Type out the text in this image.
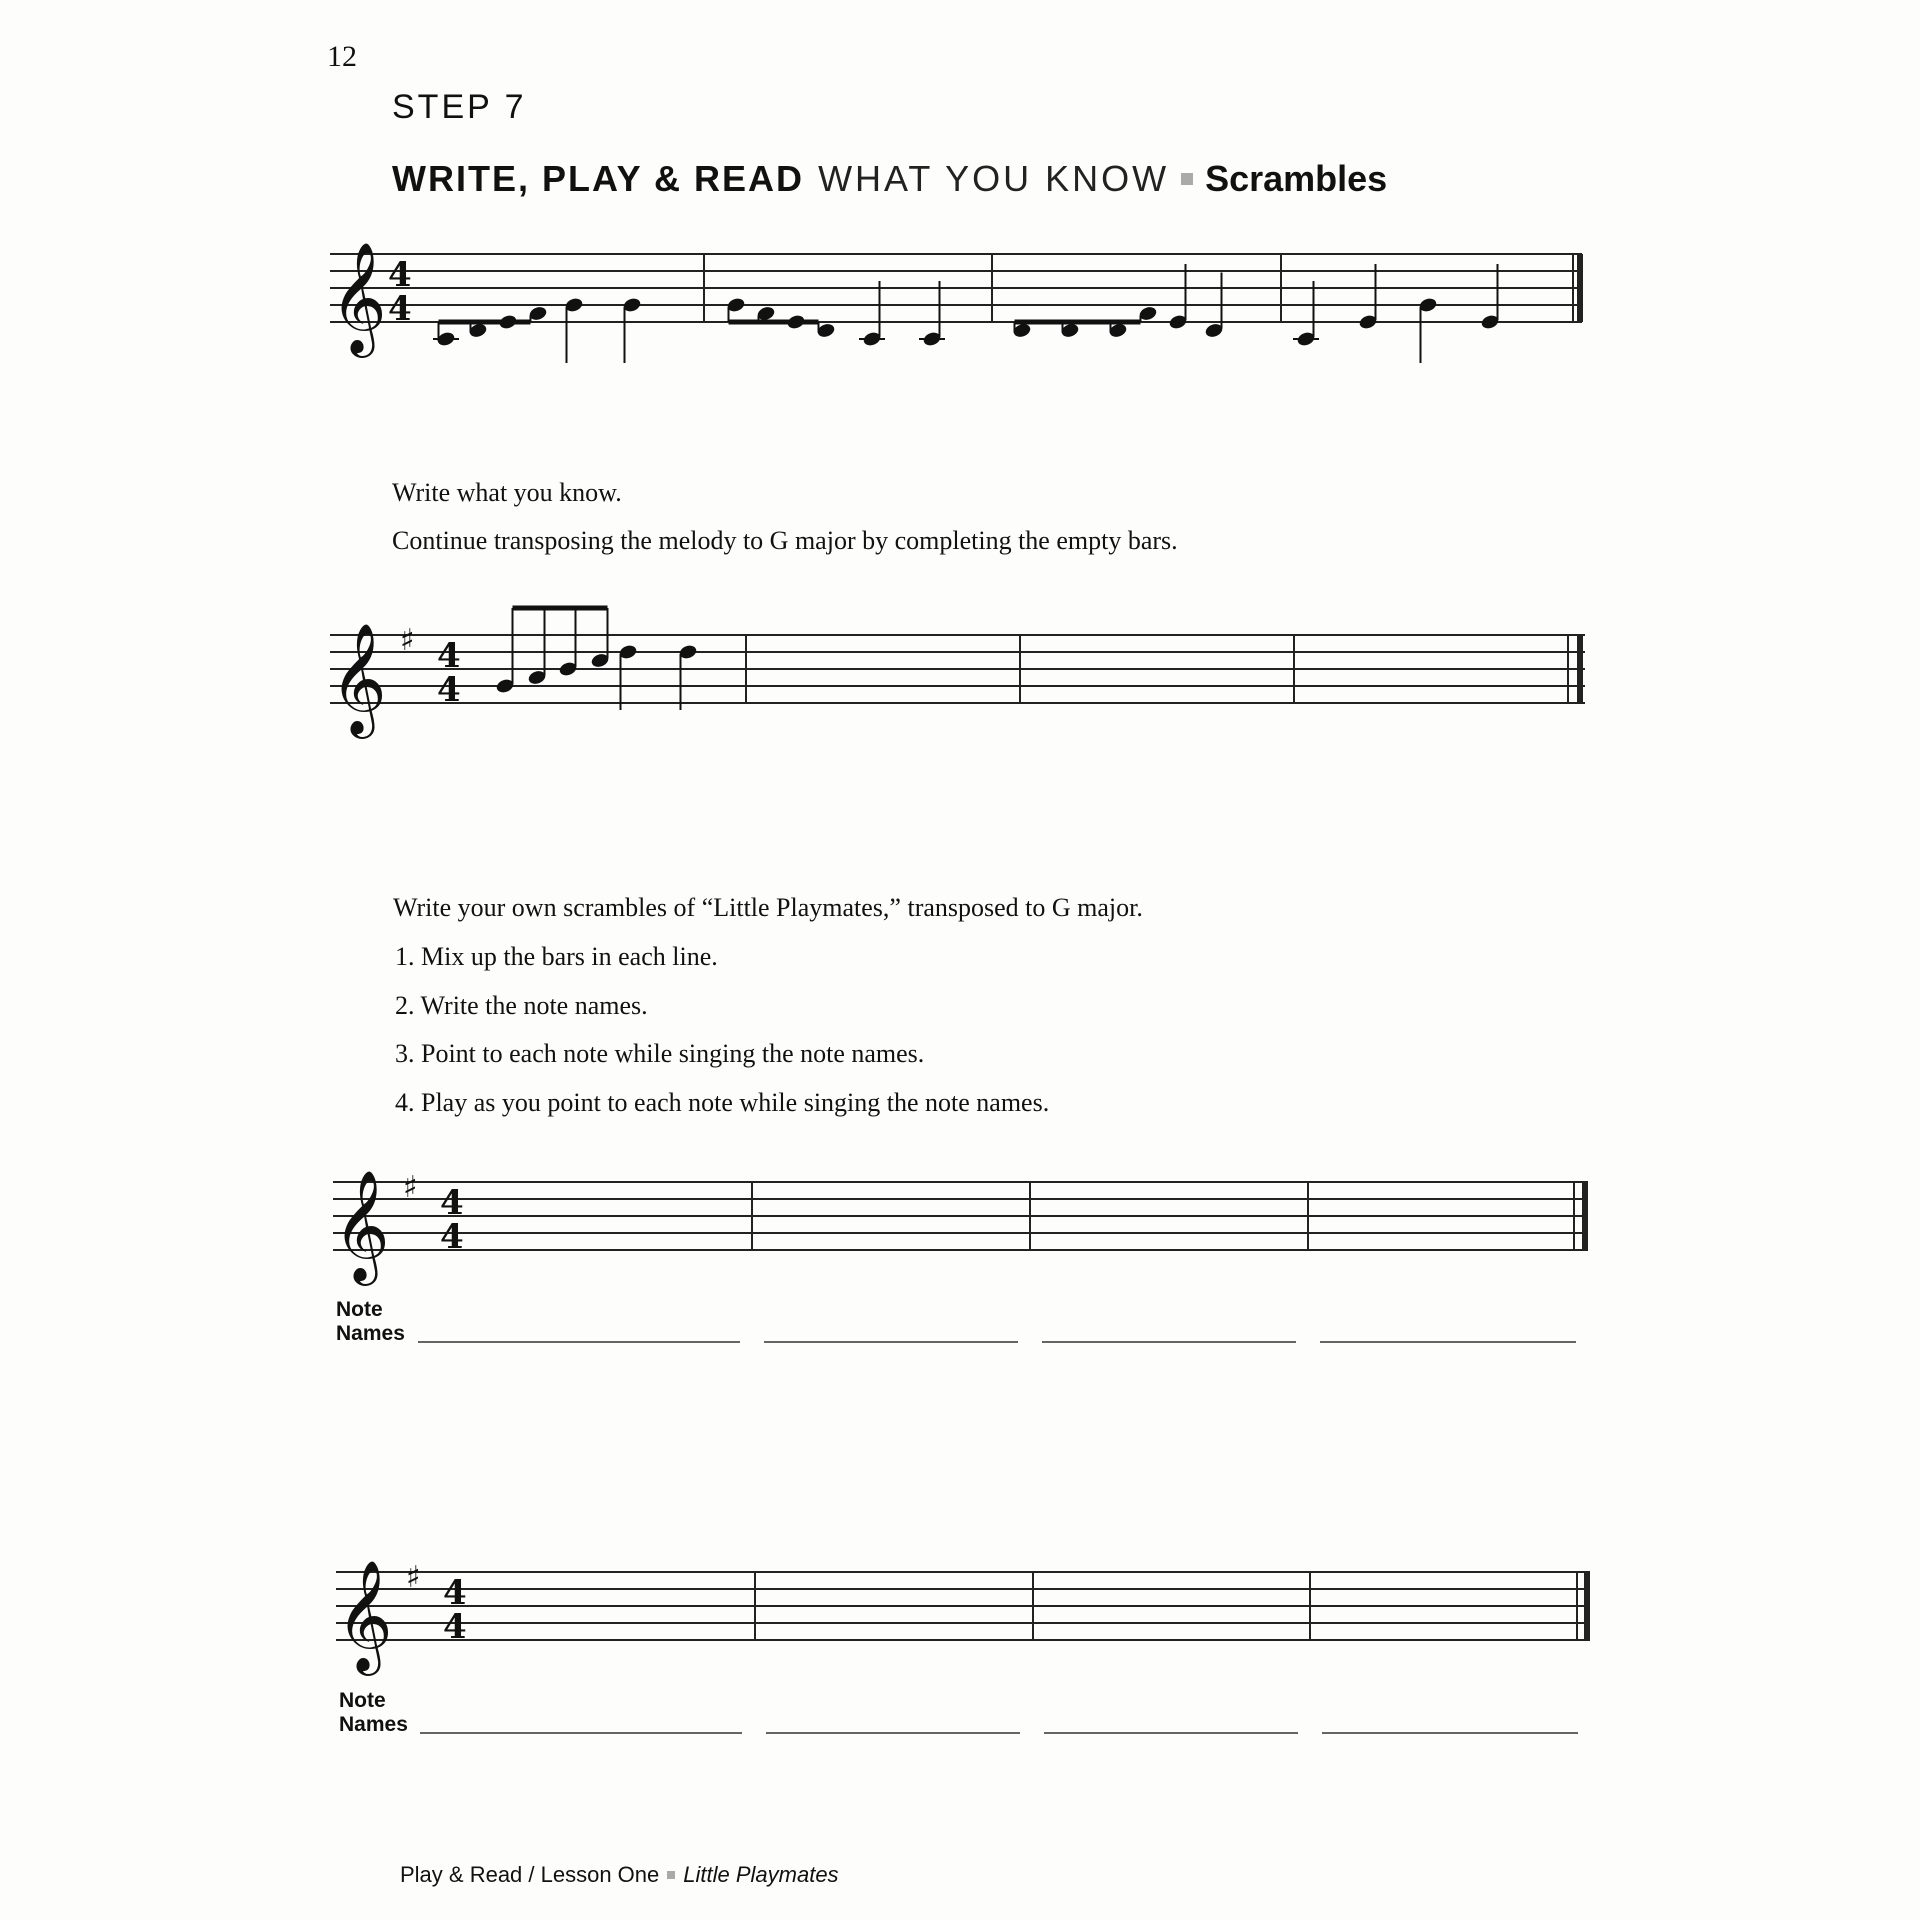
12
STEP 7
WRITE, PLAY & READ WHAT YOU KNOW Scrambles
𝄞 4
4
Write what you know.
Continue transposing the melody to G major by completing the empty bars.
𝄞 ♯ 4
4
Write your own scrambles of “Little Playmates,” transposed to G major.
1. Mix up the bars in each line.
2. Write the note names.
3. Point to each note while singing the note names.
4. Play as you point to each note while singing the note names.
𝄞 ♯ 4
4
Note
Names
𝄞 ♯ 4
4
Note
Names
Play & Read / Lesson One Little Playmates
